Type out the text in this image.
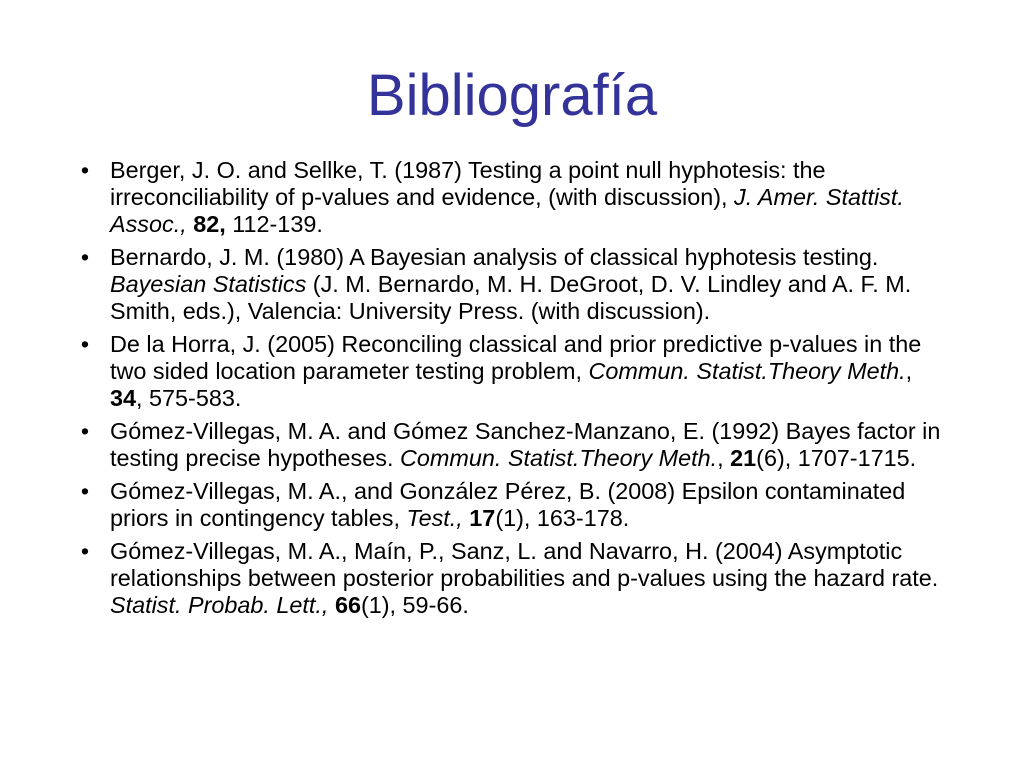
Bibliografía
• Berger, J. O. and Sellke, T. (1987) Testing a point null hyphotesis: the irreconciliability of p-values and evidence, (with discussion), J. Amer. Stattist. Assoc., 82, 112-139.
• Bernardo, J. M. (1980) A Bayesian analysis of classical hyphotesis testing. Bayesian Statistics (J. M. Bernardo, M. H. DeGroot, D. V. Lindley and A. F. M. Smith, eds.), Valencia: University Press. (with discussion).
• De la Horra, J. (2005) Reconciling classical and prior predictive p-values in the two sided location parameter testing problem, Commun. Statist.Theory Meth., 34, 575-583.
• Gómez-Villegas, M. A. and Gómez Sanchez-Manzano, E. (1992) Bayes factor in testing precise hypotheses. Commun. Statist.Theory Meth., 21(6), 1707-1715.
• Gómez-Villegas, M. A., and González Pérez, B. (2008) Epsilon contaminated priors in contingency tables, Test., 17(1), 163-178.
• Gómez-Villegas, M. A., Maín, P., Sanz, L. and Navarro, H. (2004) Asymptotic relationships between posterior probabilities and p-values using the hazard rate. Statist. Probab. Lett., 66(1), 59-66.
